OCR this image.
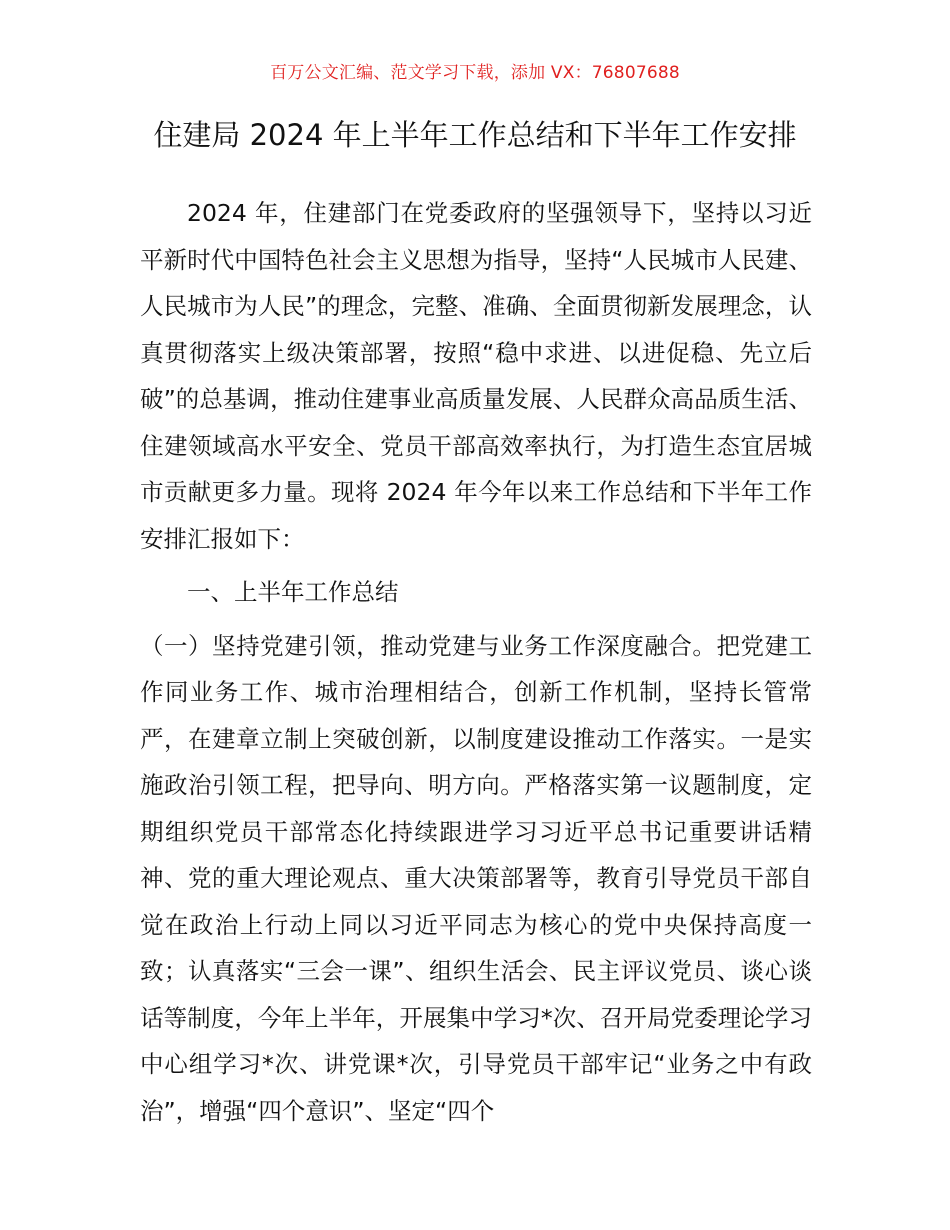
百万公文汇编、范文学习下载，添加 VX：76807688
住建局 2024 年上半年工作总结和下半年工作安排

2024 年，住建部门在党委政府的坚强领导下，坚持以习近平新时代中国特色社会主义思想为指导，坚持“人民城市人民建、人民城市为人民”的理念，完整、准确、全面贯彻新发展理念，认真贯彻落实上级决策部署，按照“稳中求进、以进促稳、先立后破”的总基调，推动住建事业高质量发展、人民群众高品质生活、住建领域高水平安全、党员干部高效率执行，为打造生态宜居城市贡献更多力量。现将 2024 年今年以来工作总结和下半年工作安排汇报如下：

一、上半年工作总结

（一）坚持党建引领，推动党建与业务工作深度融合。把党建工作同业务工作、城市治理相结合，创新工作机制，坚持长管常严，在建章立制上突破创新，以制度建设推动工作落实。一是实施政治引领工程，把导向、明方向。严格落实第一议题制度，定期组织党员干部常态化持续跟进学习习近平总书记重要讲话精神、党的重大理论观点、重大决策部署等，教育引导党员干部自觉在政治上行动上同以习近平同志为核心的党中央保持高度一致；认真落实“三会一课”、组织生活会、民主评议党员、谈心谈话等制度，今年上半年，开展集中学习*次、召开局党委理论学习中心组学习*次、讲党课*次，引导党员干部牢记“业务之中有政治”，增强“四个意识”、坚定“四个
